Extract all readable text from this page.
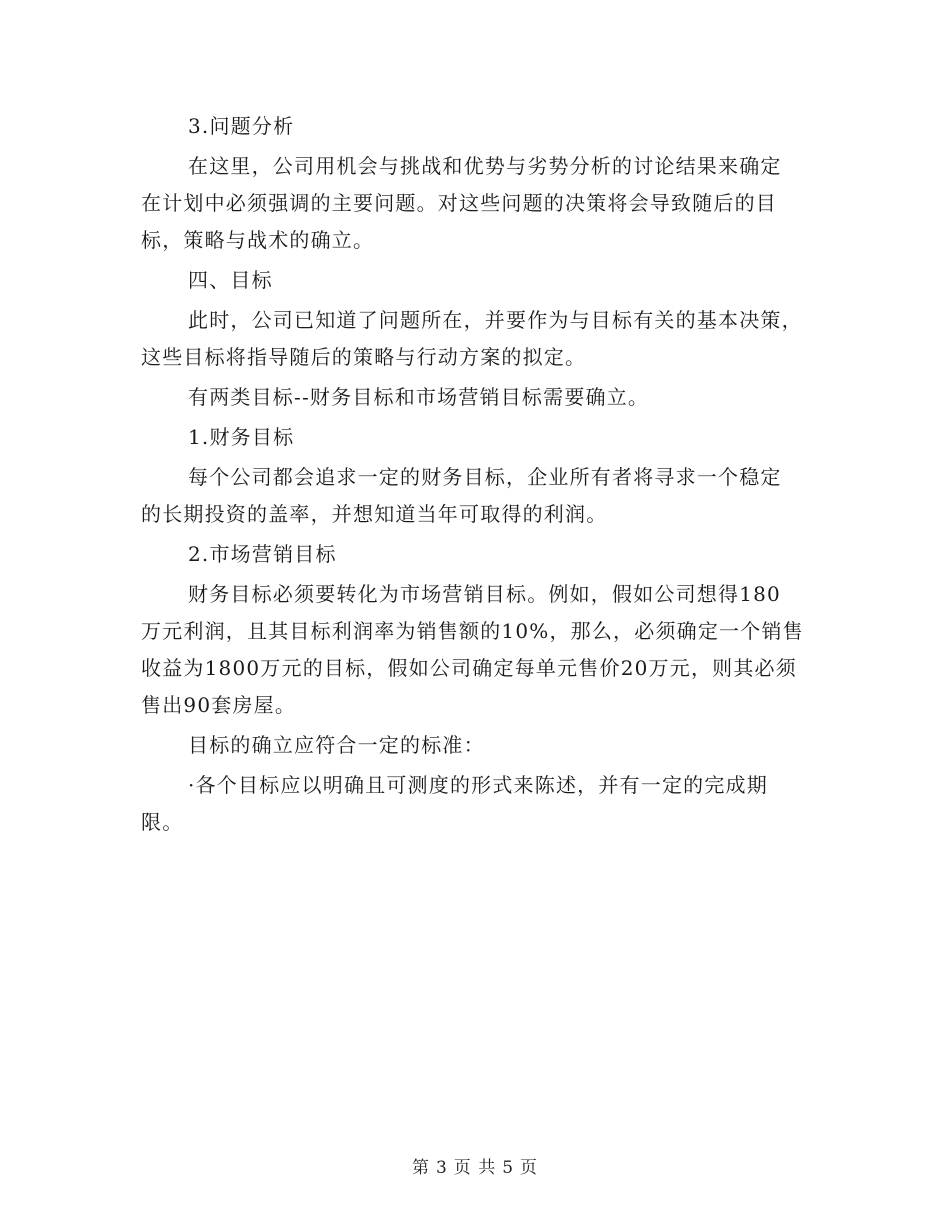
3.问题分析
在这里，公司用机会与挑战和优势与劣势分析的讨论结果来确定
在计划中必须强调的主要问题。对这些问题的决策将会导致随后的目
标，策略与战术的确立。
四、目标
此时，公司已知道了问题所在，并要作为与目标有关的基本决策，
这些目标将指导随后的策略与行动方案的拟定。
有两类目标--财务目标和市场营销目标需要确立。
1.财务目标
每个公司都会追求一定的财务目标，企业所有者将寻求一个稳定
的长期投资的盖率，并想知道当年可取得的利润。
2.市场营销目标
财务目标必须要转化为市场营销目标。例如，假如公司想得180
万元利润，且其目标利润率为销售额的10%，那么，必须确定一个销售
收益为1800万元的目标，假如公司确定每单元售价20万元，则其必须
售出90套房屋。
目标的确立应符合一定的标准：
·各个目标应以明确且可测度的形式来陈述，并有一定的完成期
限。
第 3 页 共 5 页
